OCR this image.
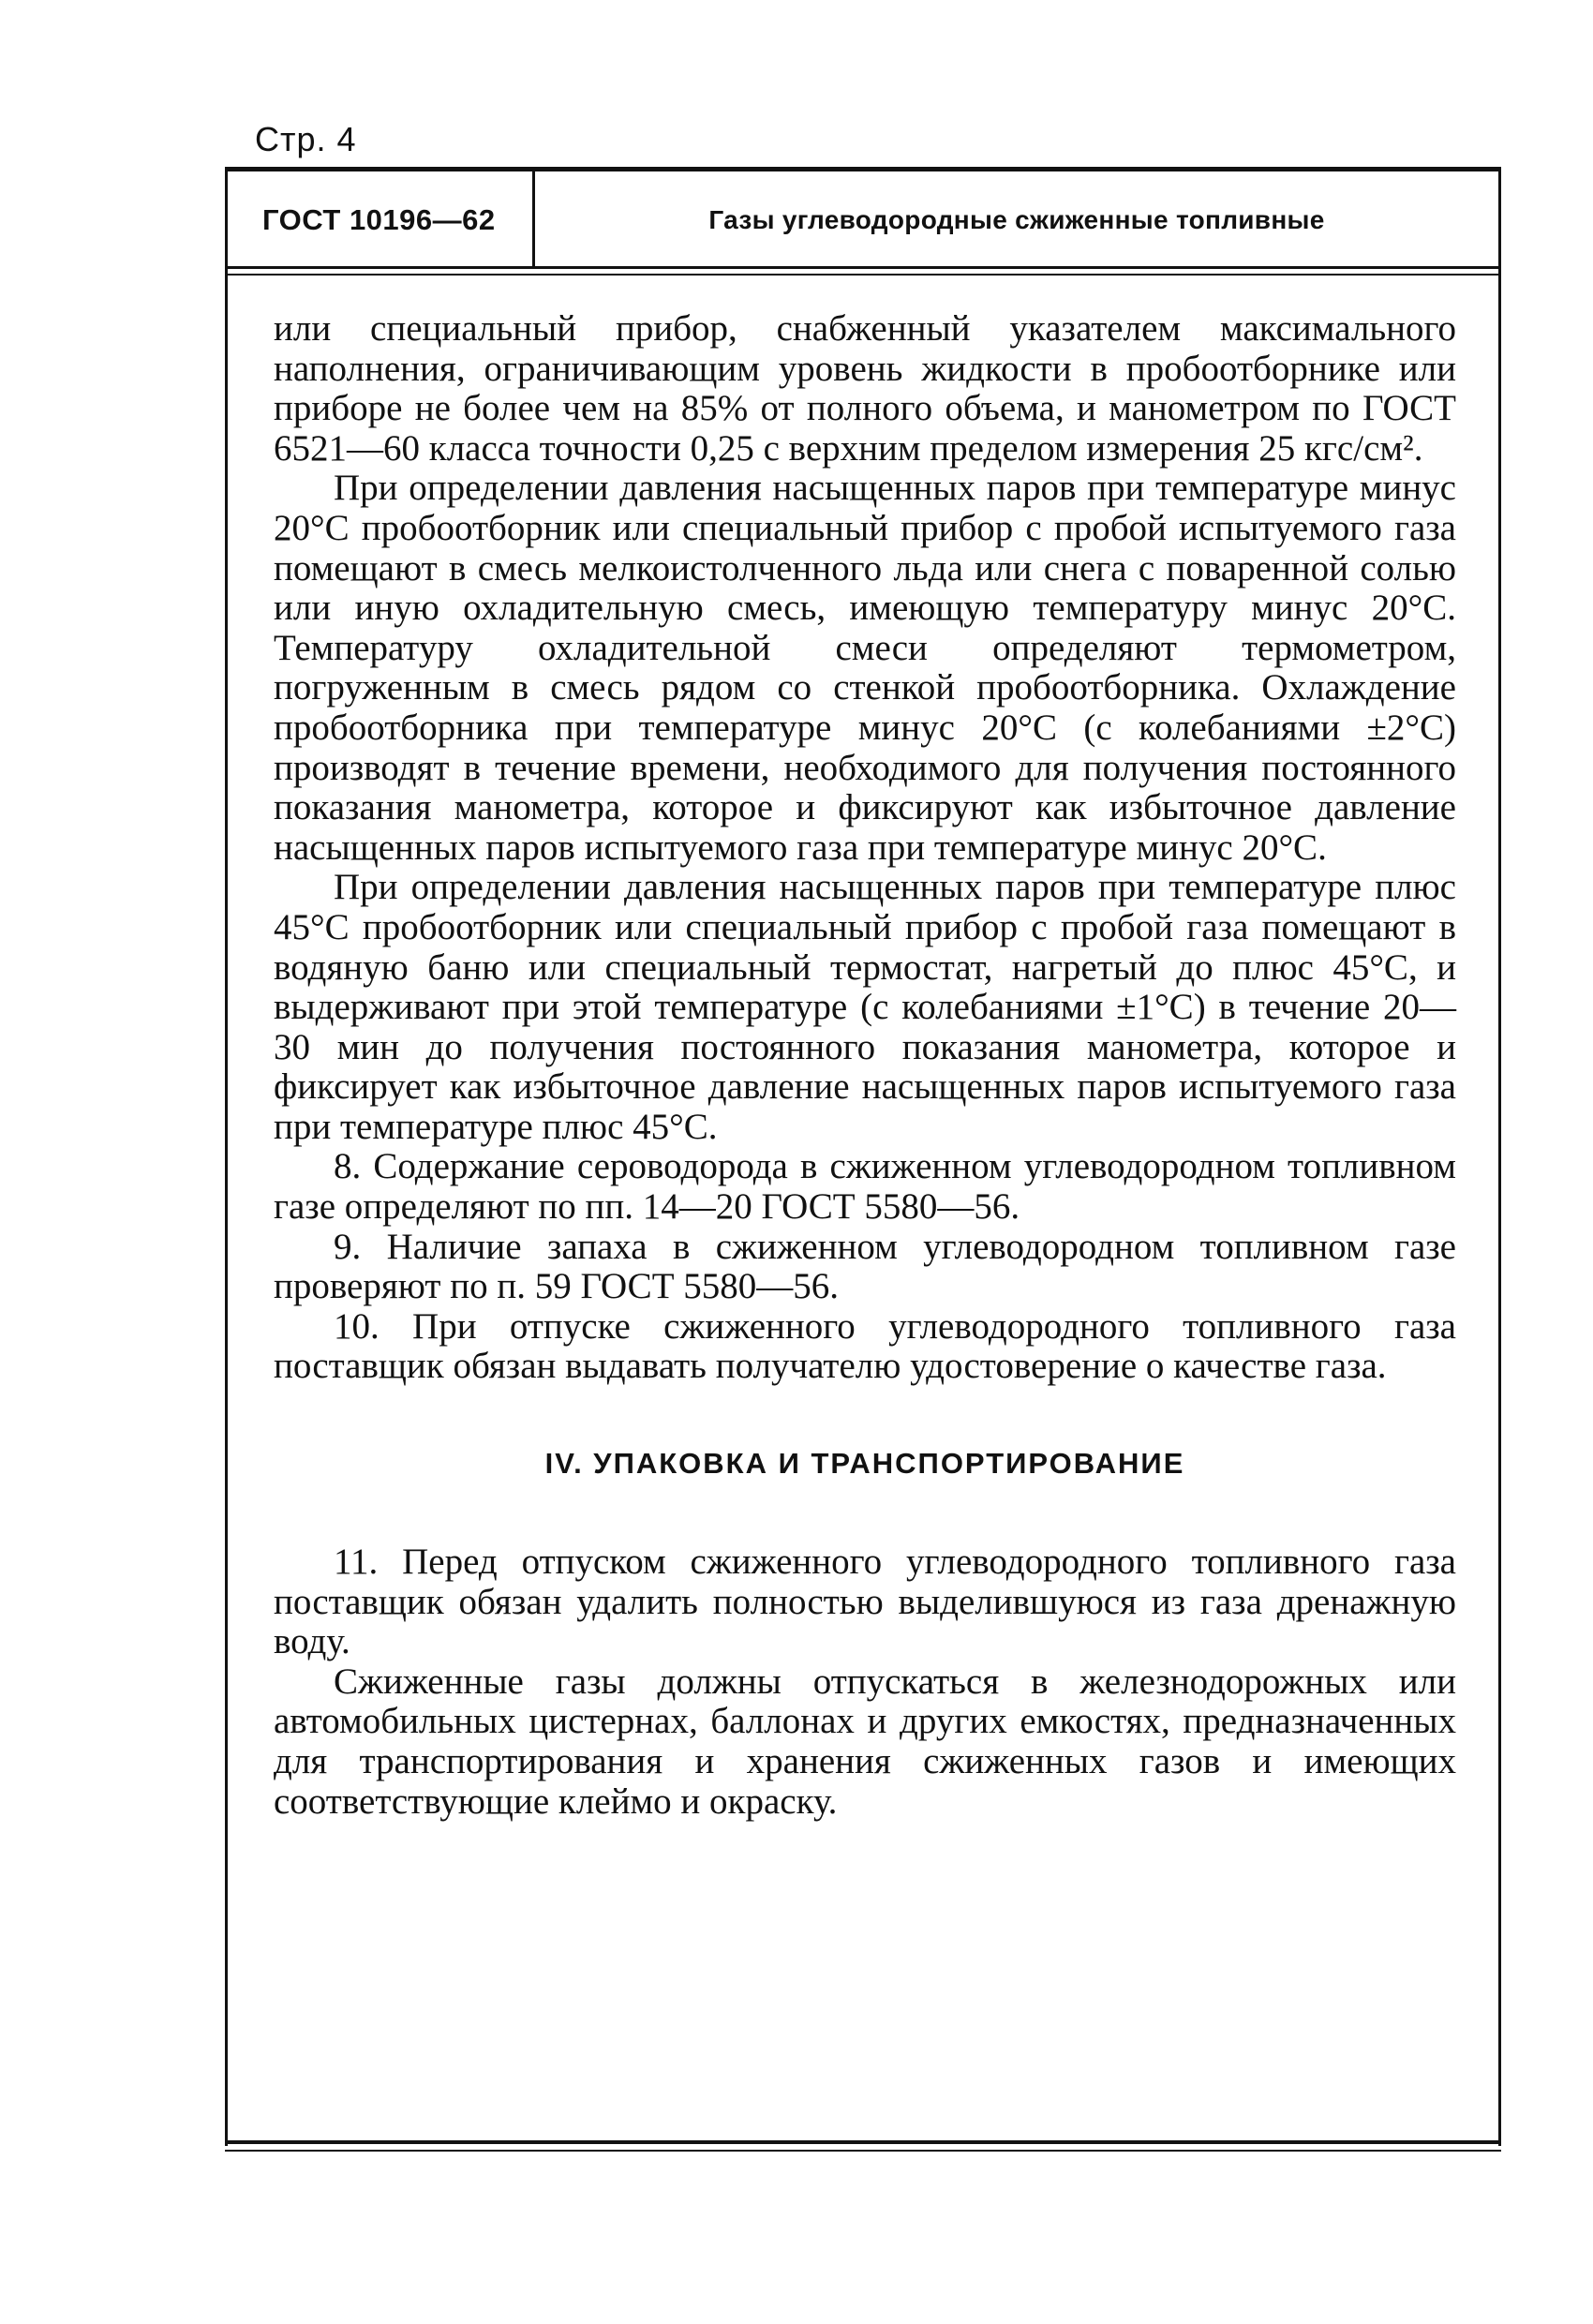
Стр. 4
ГОСТ 10196—62	Газы углеводородные сжиженные топливные

или специальный прибор, снабженный указателем максимального наполнения, ограничивающим уровень жидкости в пробоотборнике или приборе не более чем на 85% от полного объема, и манометром по ГОСТ 6521—60 класса точности 0,25 с верхним пределом измерения 25 кгс/см².

При определении давления насыщенных паров при температуре минус 20°С пробоотборник или специальный прибор с пробой испытуемого газа помещают в смесь мелкоистолченного льда или снега с поваренной солью или иную охладительную смесь, имеющую температуру минус 20°С. Температуру охладительной смеси определяют термометром, погруженным в смесь рядом со стенкой пробоотборника. Охлаждение пробоотборника при температуре минус 20°С (с колебаниями ±2°С) производят в течение времени, необходимого для получения постоянного показания манометра, которое и фиксируют как избыточное давление насыщенных паров испытуемого газа при температуре минус 20°С.

При определении давления насыщенных паров при температуре плюс 45°С пробоотборник или специальный прибор с пробой газа помещают в водяную баню или специальный термостат, нагретый до плюс 45°С, и выдерживают при этой температуре (с колебаниями ±1°С) в течение 20—30 мин до получения постоянного показания манометра, которое и фиксирует как избыточное давление насыщенных паров испытуемого газа при температуре плюс 45°С.

8. Содержание сероводорода в сжиженном углеводородном топливном газе определяют по пп. 14—20 ГОСТ 5580—56.

9. Наличие запаха в сжиженном углеводородном топливном газе проверяют по п. 59 ГОСТ 5580—56.

10. При отпуске сжиженного углеводородного топливного газа поставщик обязан выдавать получателю удостоверение о качестве газа.

IV. УПАКОВКА И ТРАНСПОРТИРОВАНИЕ

11. Перед отпуском сжиженного углеводородного топливного газа поставщик обязан удалить полностью выделившуюся из газа дренажную воду.

Сжиженные газы должны отпускаться в железнодорожных или автомобильных цистернах, баллонах и других емкостях, предназначенных для транспортирования и хранения сжиженных газов и имеющих соответствующие клеймо и окраску.
